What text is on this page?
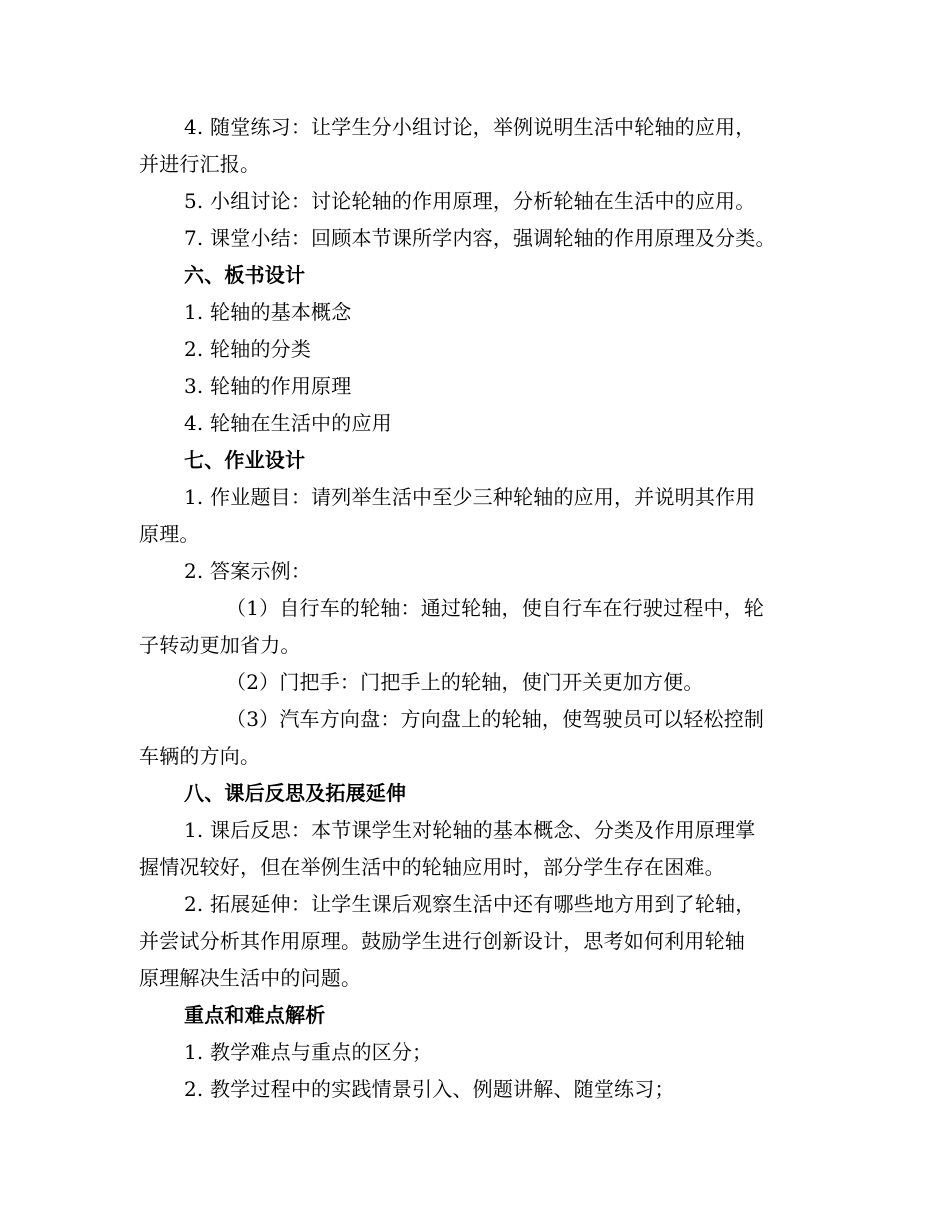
4. 随堂练习：让学生分小组讨论，举例说明生活中轮轴的应用，
并进行汇报。
5. 小组讨论：讨论轮轴的作用原理，分析轮轴在生活中的应用。
7. 课堂小结：回顾本节课所学内容，强调轮轴的作用原理及分类。
六、板书设计
1. 轮轴的基本概念
2. 轮轴的分类
3. 轮轴的作用原理
4. 轮轴在生活中的应用
七、作业设计
1. 作业题目：请列举生活中至少三种轮轴的应用，并说明其作用
原理。
2. 答案示例：
（1）自行车的轮轴：通过轮轴，使自行车在行驶过程中，轮
子转动更加省力。
（2）门把手：门把手上的轮轴，使门开关更加方便。
（3）汽车方向盘：方向盘上的轮轴，使驾驶员可以轻松控制
车辆的方向。
八、课后反思及拓展延伸
1. 课后反思：本节课学生对轮轴的基本概念、分类及作用原理掌
握情况较好，但在举例生活中的轮轴应用时，部分学生存在困难。
2. 拓展延伸：让学生课后观察生活中还有哪些地方用到了轮轴，
并尝试分析其作用原理。鼓励学生进行创新设计，思考如何利用轮轴
原理解决生活中的问题。
重点和难点解析
1. 教学难点与重点的区分；
2. 教学过程中的实践情景引入、例题讲解、随堂练习；
